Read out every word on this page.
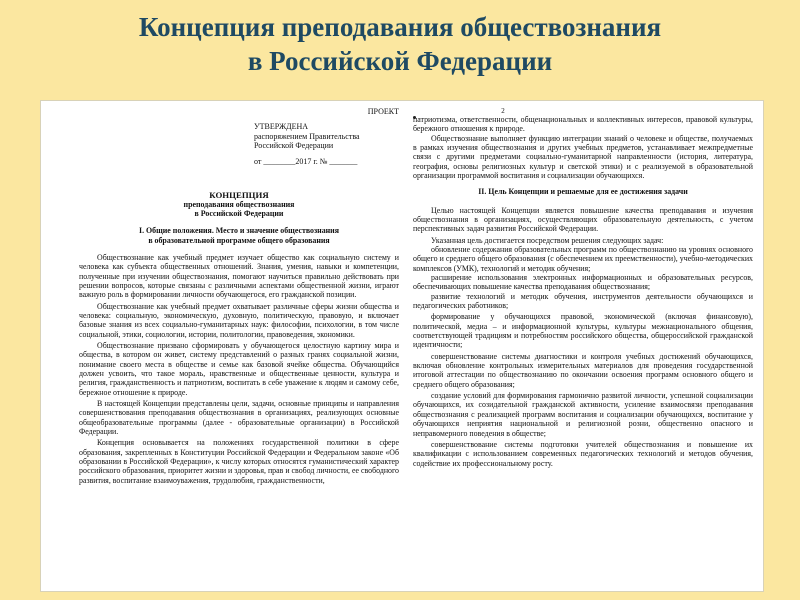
Концепция преподавания обществознания
в Российской Федерации
ПРОЕКТ
УТВЕРЖДЕНА
распоряжением Правительства
Российской Федерации
от ________2017 г. № _______
КОНЦЕПЦИЯ
преподавания обществознания
в Российской Федерации
I. Общие положения. Место и значение обществознания
в образовательной программе общего образования

Обществознание как учебный предмет изучает общество как социальную систему и человека как субъекта общественных отношений. Знания, умения, навыки и компетенции, полученные при изучении обществознания, помогают научиться правильно действовать при решении вопросов, которые связаны с различными аспектами общественной жизни, играют важную роль в формировании личности обучающегося, его гражданской позиции.

Обществознание как учебный предмет охватывает различные сферы жизни общества и человека: социальную, экономическую, духовную, политическую, правовую, и включает базовые знания из всех социально-гуманитарных наук: философии, психологии, в том числе социальной, этики, социологии, истории, политологии, правоведения, экономики.

Обществознание призвано сформировать у обучающегося целостную картину мира и общества, в котором он живет, систему представлений о разных гранях социальной жизни, понимание своего места в обществе и семье как базовой ячейке общества. Обучающийся должен усвоить, что такое мораль, нравственные и общественные ценности, культура и религия, гражданственность и патриотизм, воспитать в себе уважение к людям и самому себе, бережное отношение к природе.

В настоящей Концепции представлены цели, задачи, основные принципы и направления совершенствования преподавания обществознания в организациях, реализующих основные общеобразовательные программы (далее - образовательные организации) в Российской Федерации.

Концепция основывается на положениях государственной политики в сфере образования, закрепленных в Конституции Российской Федерации и Федеральном законе «Об образовании в Российской Федерации», к числу которых относятся гуманистический характер российского образования, приоритет жизни и здоровья, прав и свобод личности, ее свободного развития, воспитание взаимоуважения, трудолюбия, гражданственности,

2

патриотизма, ответственности, общенациональных и коллективных интересов, правовой культуры, бережного отношения к природе.

Обществознание выполняет функцию интеграции знаний о человеке и обществе, получаемых в рамках изучения обществознания и других учебных предметов, устанавливает межпредметные связи с другими предметами социально-гуманитарной направленности (история, литература, география, основы религиозных культур и светской этики) и с реализуемой в образовательной организации программой воспитания и социализации обучающихся.

II. Цель Концепции и решаемые для ее достижения задачи

Целью настоящей Концепции является повышение качества преподавания и изучения обществознания в организациях, осуществляющих образовательную деятельность, с учетом перспективных задач развития Российской Федерации.

Указанная цель достигается посредством решения следующих задач:

обновление содержания образовательных программ по обществознанию на уровнях основного общего и среднего общего образования (с обеспечением их преемственности), учебно-методических комплексов (УМК), технологий и методик обучения;

расширение использования электронных информационных и образовательных ресурсов, обеспечивающих повышение качества преподавания обществознания;

развитие технологий и методик обучения, инструментов деятельности обучающихся и педагогических работников;

формирование у обучающихся правовой, экономической (включая финансовую), политической, медиа – и информационной культуры, культуры межнационального общения, соответствующей традициям и потребностям российского общества, общероссийской гражданской идентичности;

совершенствование системы диагностики и контроля учебных достижений обучающихся, включая обновление контрольных измерительных материалов для проведения государственной итоговой аттестации по обществознанию по окончании освоения программ основного общего и среднего общего образования;

создание условий для формирования гармонично развитой личности, успешной социализации обучающихся, их созидательной гражданской активности, усиление взаимосвязи преподавания обществознания с реализацией программ воспитания и социализации обучающихся, воспитание у обучающихся неприятия национальной и религиозной розни, общественно опасного и неправомерного поведения в обществе;

совершенствование системы подготовки учителей обществознания и повышение их квалификации с использованием современных педагогических технологий и методов обучения, содействие их профессиональному росту.
